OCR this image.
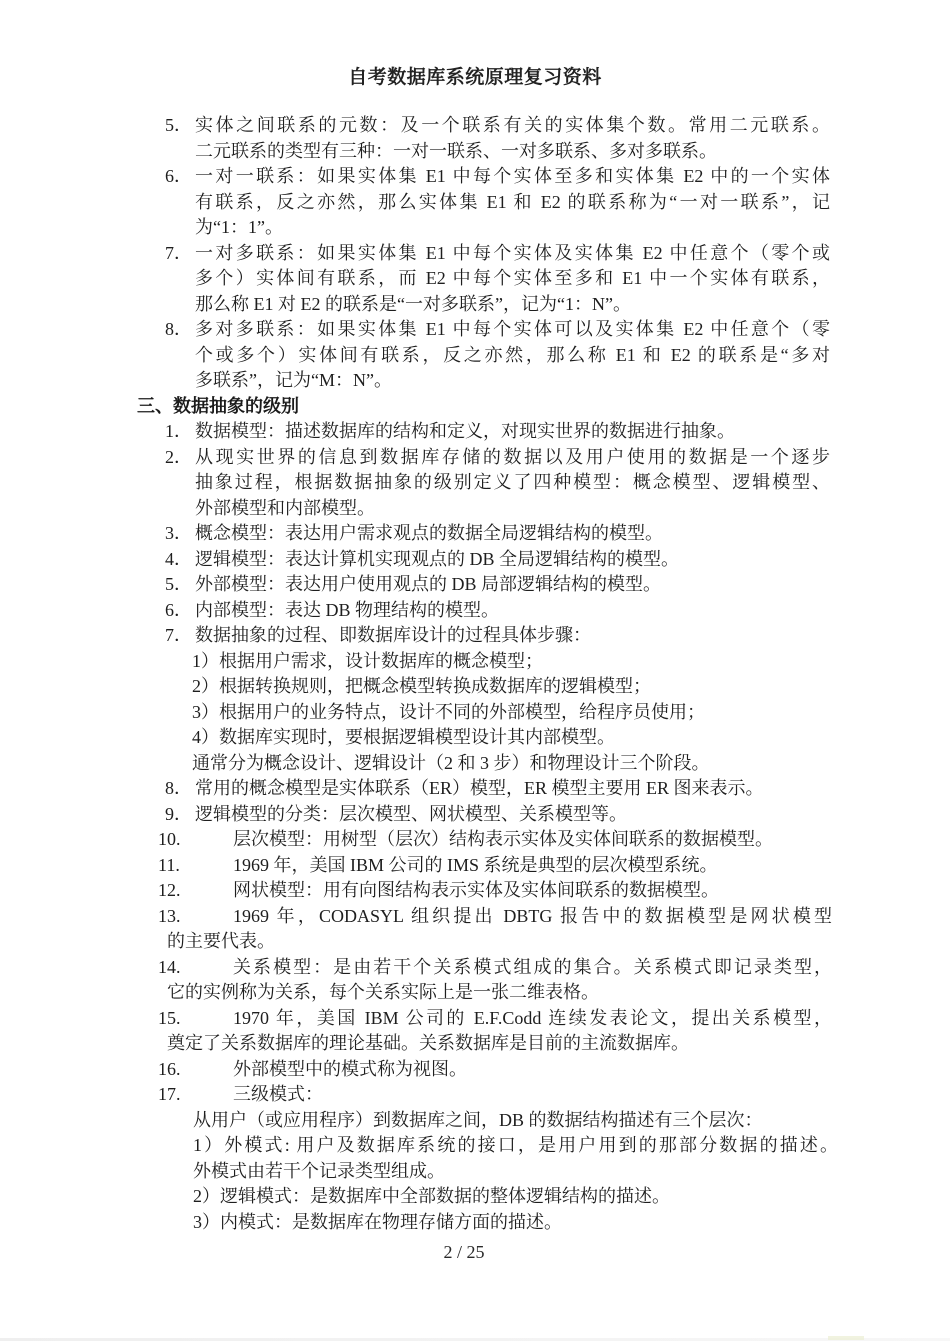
自考数据库系统原理复习资料
5． 实体之间联系的元数：及一个联系有关的实体集个数。常用二元联系。
二元联系的类型有三种：一对一联系、一对多联系、多对多联系。
6． 一对一联系：如果实体集 E1 中每个实体至多和实体集 E2 中的一个实体
有联系，反之亦然，那么实体集 E1 和 E2 的联系称为“一对一联系”，记
为“1：1”。
7． 一对多联系：如果实体集 E1 中每个实体及实体集 E2 中任意个（零个或
多个）实体间有联系，而 E2 中每个实体至多和 E1 中一个实体有联系，
那么称 E1 对 E2 的联系是“一对多联系”，记为“1：N”。
8． 多对多联系：如果实体集 E1 中每个实体可以及实体集 E2 中任意个（零
个或多个）实体间有联系，反之亦然，那么称 E1 和 E2 的联系是“多对
多联系”，记为“M：N”。
三、数据抽象的级别
1． 数据模型：描述数据库的结构和定义，对现实世界的数据进行抽象。
2． 从现实世界的信息到数据库存储的数据以及用户使用的数据是一个逐步
抽象过程，根据数据抽象的级别定义了四种模型：概念模型、逻辑模型、
外部模型和内部模型。
3． 概念模型：表达用户需求观点的数据全局逻辑结构的模型。
4． 逻辑模型：表达计算机实现观点的 DB 全局逻辑结构的模型。
5． 外部模型：表达用户使用观点的 DB 局部逻辑结构的模型。
6． 内部模型：表达 DB 物理结构的模型。
7． 数据抽象的过程、即数据库设计的过程具体步骤：
1）根据用户需求，设计数据库的概念模型；
2）根据转换规则，把概念模型转换成数据库的逻辑模型；
3）根据用户的业务特点，设计不同的外部模型，给程序员使用；
4）数据库实现时，要根据逻辑模型设计其内部模型。
通常分为概念设计、逻辑设计（2 和 3 步）和物理设计三个阶段。
8． 常用的概念模型是实体联系（ER）模型，ER 模型主要用 ER 图来表示。
9． 逻辑模型的分类：层次模型、网状模型、关系模型等。
10.	层次模型：用树型（层次）结构表示实体及实体间联系的数据模型。
11.	1969 年，美国 IBM 公司的 IMS 系统是典型的层次模型系统。
12.	网状模型：用有向图结构表示实体及实体间联系的数据模型。
13.	1969 年，CODASYL 组织提出 DBTG 报告中的数据模型是网状模型
的主要代表。
14.	关系模型：是由若干个关系模式组成的集合。关系模式即记录类型，
它的实例称为关系，每个关系实际上是一张二维表格。
15.	1970 年，美国 IBM 公司的 E.F.Codd 连续发表论文，提出关系模型，
奠定了关系数据库的理论基础。关系数据库是目前的主流数据库。
16.	外部模型中的模式称为视图。
17.	三级模式：
从用户（或应用程序）到数据库之间，DB 的数据结构描述有三个层次：
1）外模式: 用户及数据库系统的接口，是用户用到的那部分数据的描述。
外模式由若干个记录类型组成。
2）逻辑模式：是数据库中全部数据的整体逻辑结构的描述。
3）内模式：是数据库在物理存储方面的描述。
2 / 25
